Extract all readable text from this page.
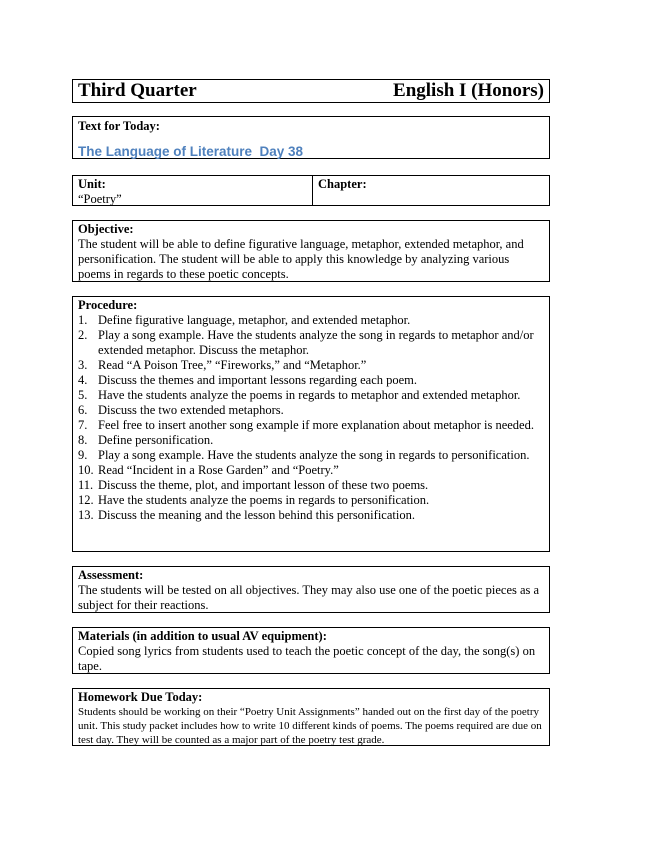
Third Quarter	English I (Honors)
Text for Today:
The Language of Literature  Day 38
Unit:
“Poetry”
Chapter:
Objective:
The student will be able to define figurative language, metaphor, extended metaphor, and personification. The student will be able to apply this knowledge by analyzing various poems in regards to these poetic concepts.
Procedure:
1. Define figurative language, metaphor, and extended metaphor.
2. Play a song example. Have the students analyze the song in regards to metaphor and/or extended metaphor. Discuss the metaphor.
3. Read “A Poison Tree,” “Fireworks,” and “Metaphor.”
4. Discuss the themes and important lessons regarding each poem.
5. Have the students analyze the poems in regards to metaphor and extended metaphor.
6. Discuss the two extended metaphors.
7. Feel free to insert another song example if more explanation about metaphor is needed.
8. Define personification.
9. Play a song example. Have the students analyze the song in regards to personification.
10. Read “Incident in a Rose Garden” and “Poetry.”
11. Discuss the theme, plot, and important lesson of these two poems.
12. Have the students analyze the poems in regards to personification.
13. Discuss the meaning and the lesson behind this personification.
Assessment:
The students will be tested on all objectives. They may also use one of the poetic pieces as a subject for their reactions.
Materials (in addition to usual AV equipment):
Copied song lyrics from students used to teach the poetic concept of the day, the song(s) on tape.
Homework Due Today:
Students should be working on their “Poetry Unit Assignments” handed out on the first day of the poetry unit. This study packet includes how to write 10 different kinds of poems. The poems required are due on test day. They will be counted as a major part of the poetry test grade.
